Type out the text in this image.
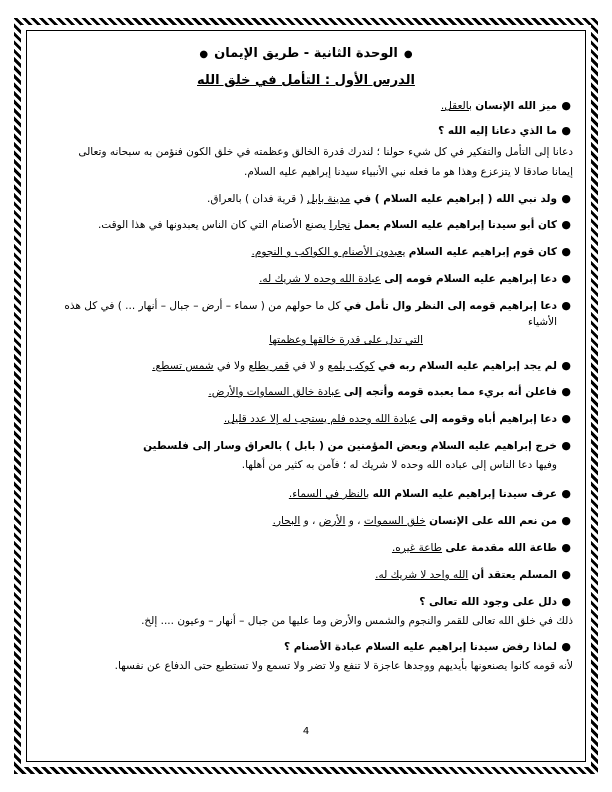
●الوحدة الثانية - طريق الإيمان●
الدرس الأول : التأمل في خلق الله
●
ميز الله الإنسان بالعقل.
●
ما الذي دعانا إليه الله ؟
دعانا إلى التأمل والتفكير في كل شيء حولنا ؛ لندرك قدرة الخالق وعظمته في خلق الكون فنؤمن به سبحانه وتعالى
إيمانا صادقا لا يتزعزع وهذا هو ما فعله نبي الأنبياء سيدنا إبراهيم عليه السلام.
●
ولد نبي الله ( إبراهيم عليه السلام ) في مدينة بابل ( قرية فدان ) بالعراق.
●
كان أبو سيدنا إبراهيم عليه السلام يعمل نجارا يصنع الأصنام التي كان الناس يعبدونها في هذا الوقت.
●
كان قوم إبراهيم عليه السلام يعبدون الأصنام و الكواكب و النجوم.
●
دعا إبراهيم عليه السلام قومه إلى عبادة الله وحده لا شريك له.
●
دعا إبراهيم قومه إلى النظر وال تأمل في كل ما حولهم من ( سماء – أرض – جبال – أنهار ... ) في كل هذه الأشياء
التي تدل على قدرة خالقها وعظمتها
●
لم يجد إبراهيم عليه السلام ربه في كوكب يلمع و لا في قمر يطلع ولا في شمس تسطع.
●
فاعلن أنه بريء مما يعبده قومه وأتجه إلى عبادة خالق السماوات والأرض.
●
دعا إبراهيم أباه وقومه إلى عبادة الله وحده فلم يستجب له إلا عدد قليل.
●
خرج إبراهيم عليه السلام وبعض المؤمنين من ( بابل ) بالعراق وسار إلى فلسطين
وفيها دعا الناس إلى عباده الله وحده لا شريك له ؛ فآمن به كثير من أهلها.
●
عرف سيدنا إبراهيم عليه السلام الله بالنظر في السماء.
●
من نعم الله على الإنسان خلق السموات ، و الأرض ، و البحار.
●
طاعة الله مقدمة على طاعة غيره.
●
المسلم يعتقد أن الله واحد لا شريك له.
●
دلل على وجود الله تعالى ؟
ذلك في خلق الله تعالى للقمر والنجوم والشمس والأرض وما عليها من جبال – أنهار – وعيون .... إلخ.
●
لماذا رفض سيدنا إبراهيم عليه السلام عبادة الأصنام ؟
لأنه قومه كانوا يصنعونها بأيديهم ووجدها عاجزة لا تنفع ولا تضر ولا تسمع ولا تستطيع حتى الدفاع عن نفسها.
4
